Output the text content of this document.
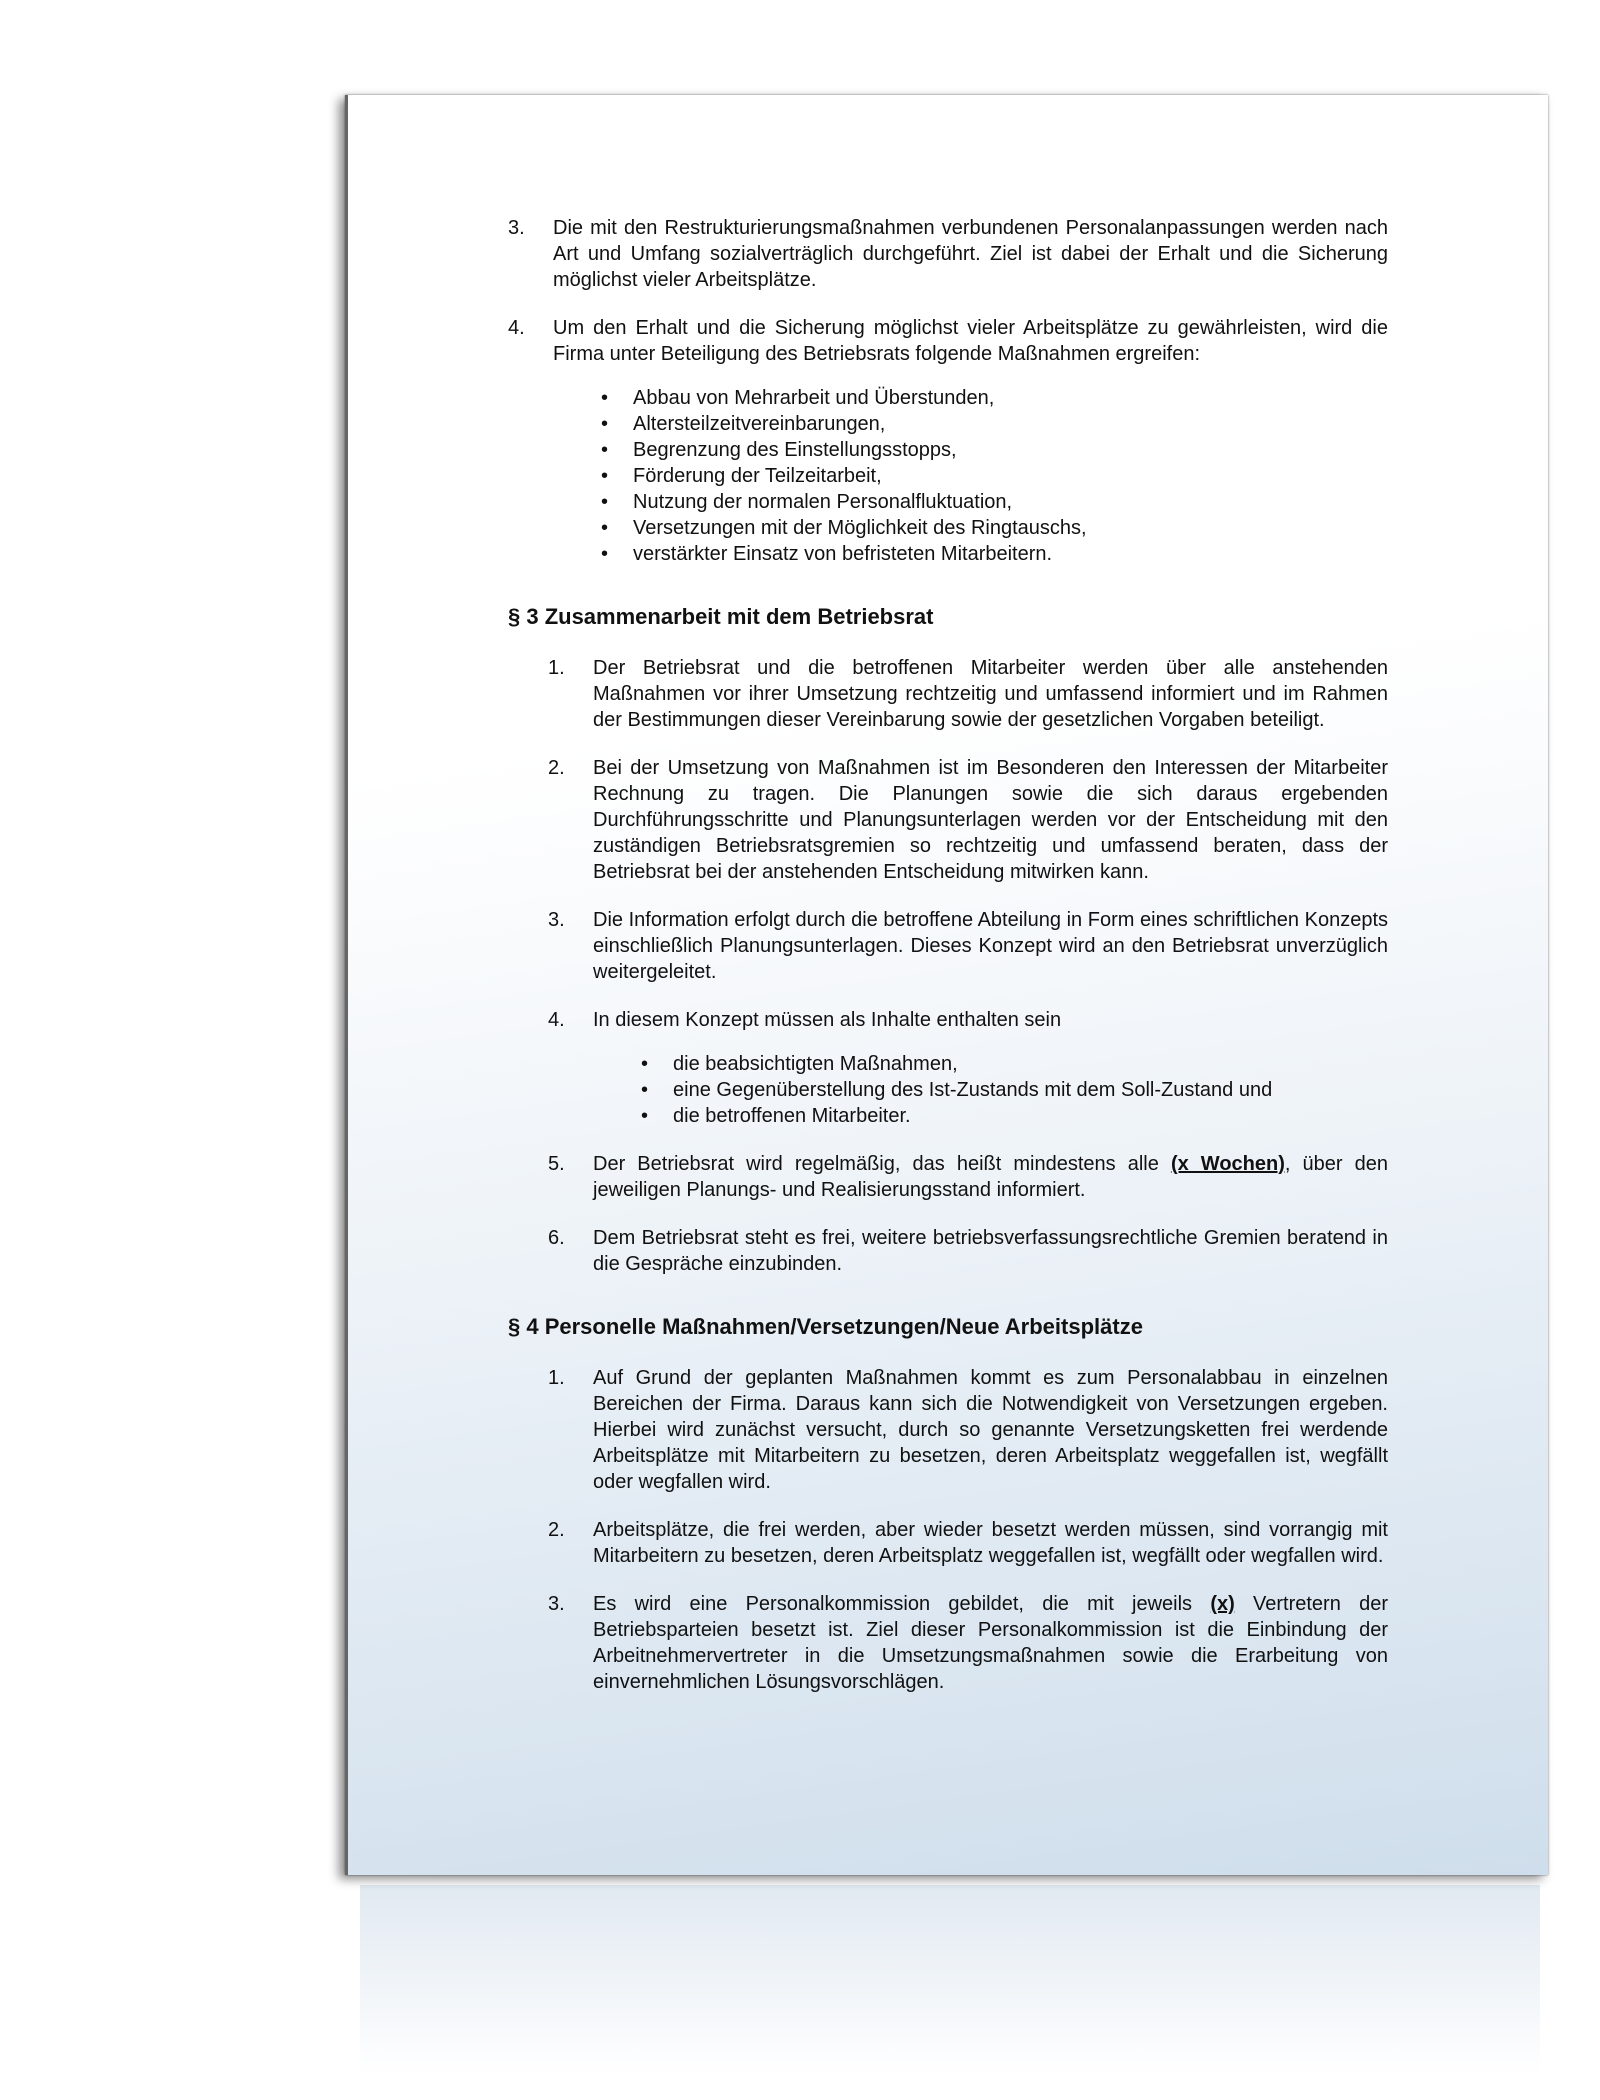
3.	Die mit den Restrukturierungsmaßnahmen verbundenen Personalanpassungen werden nach Art und Umfang sozialverträglich durchgeführt. Ziel ist dabei der Erhalt und die Sicherung möglichst vieler Arbeitsplätze.
4.	Um den Erhalt und die Sicherung möglichst vieler Arbeitsplätze zu gewährleisten, wird die Firma unter Beteiligung des Betriebsrats folgende Maßnahmen ergreifen:
• Abbau von Mehrarbeit und Überstunden,
• Altersteilzeitvereinbarungen,
• Begrenzung des Einstellungsstopps,
• Förderung der Teilzeitarbeit,
• Nutzung der normalen Personalfluktuation,
• Versetzungen mit der Möglichkeit des Ringtauschs,
• verstärkter Einsatz von befristeten Mitarbeitern.
§ 3 Zusammenarbeit mit dem Betriebsrat
1.	Der Betriebsrat und die betroffenen Mitarbeiter werden über alle anstehenden Maßnahmen vor ihrer Umsetzung rechtzeitig und umfassend informiert und im Rahmen der Bestimmungen dieser Vereinbarung sowie der gesetzlichen Vorgaben beteiligt.
2.	Bei der Umsetzung von Maßnahmen ist im Besonderen den Interessen der Mitarbeiter Rechnung zu tragen. Die Planungen sowie die sich daraus ergebenden Durchführungsschritte und Planungsunterlagen werden vor der Entscheidung mit den zuständigen Betriebsratsgremien so rechtzeitig und umfassend beraten, dass der Betriebsrat bei der anstehenden Entscheidung mitwirken kann.
3.	Die Information erfolgt durch die betroffene Abteilung in Form eines schriftlichen Konzepts einschließlich Planungsunterlagen. Dieses Konzept wird an den Betriebsrat unverzüglich weitergeleitet.
4.	In diesem Konzept müssen als Inhalte enthalten sein
• die beabsichtigten Maßnahmen,
• eine Gegenüberstellung des Ist-Zustands mit dem Soll-Zustand und
• die betroffenen Mitarbeiter.
5.	Der Betriebsrat wird regelmäßig, das heißt mindestens alle (x Wochen), über den jeweiligen Planungs- und Realisierungsstand informiert.
6.	Dem Betriebsrat steht es frei, weitere betriebsverfassungsrechtliche Gremien beratend in die Gespräche einzubinden.
§ 4 Personelle Maßnahmen/Versetzungen/Neue Arbeitsplätze
1.	Auf Grund der geplanten Maßnahmen kommt es zum Personalabbau in einzelnen Bereichen der Firma. Daraus kann sich die Notwendigkeit von Versetzungen ergeben. Hierbei wird zunächst versucht, durch so genannte Versetzungsketten frei werdende Arbeitsplätze mit Mitarbeitern zu besetzen, deren Arbeitsplatz weggefallen ist, wegfällt oder wegfallen wird.
2.	Arbeitsplätze, die frei werden, aber wieder besetzt werden müssen, sind vorrangig mit Mitarbeitern zu besetzen, deren Arbeitsplatz weggefallen ist, wegfällt oder wegfallen wird.
3.	Es wird eine Personalkommission gebildet, die mit jeweils (x) Vertretern der Betriebsparteien besetzt ist. Ziel dieser Personalkommission ist die Einbindung der Arbeitnehmervertreter in die Umsetzungsmaßnahmen sowie die Erarbeitung von einvernehmlichen Lösungsvorschlägen.
